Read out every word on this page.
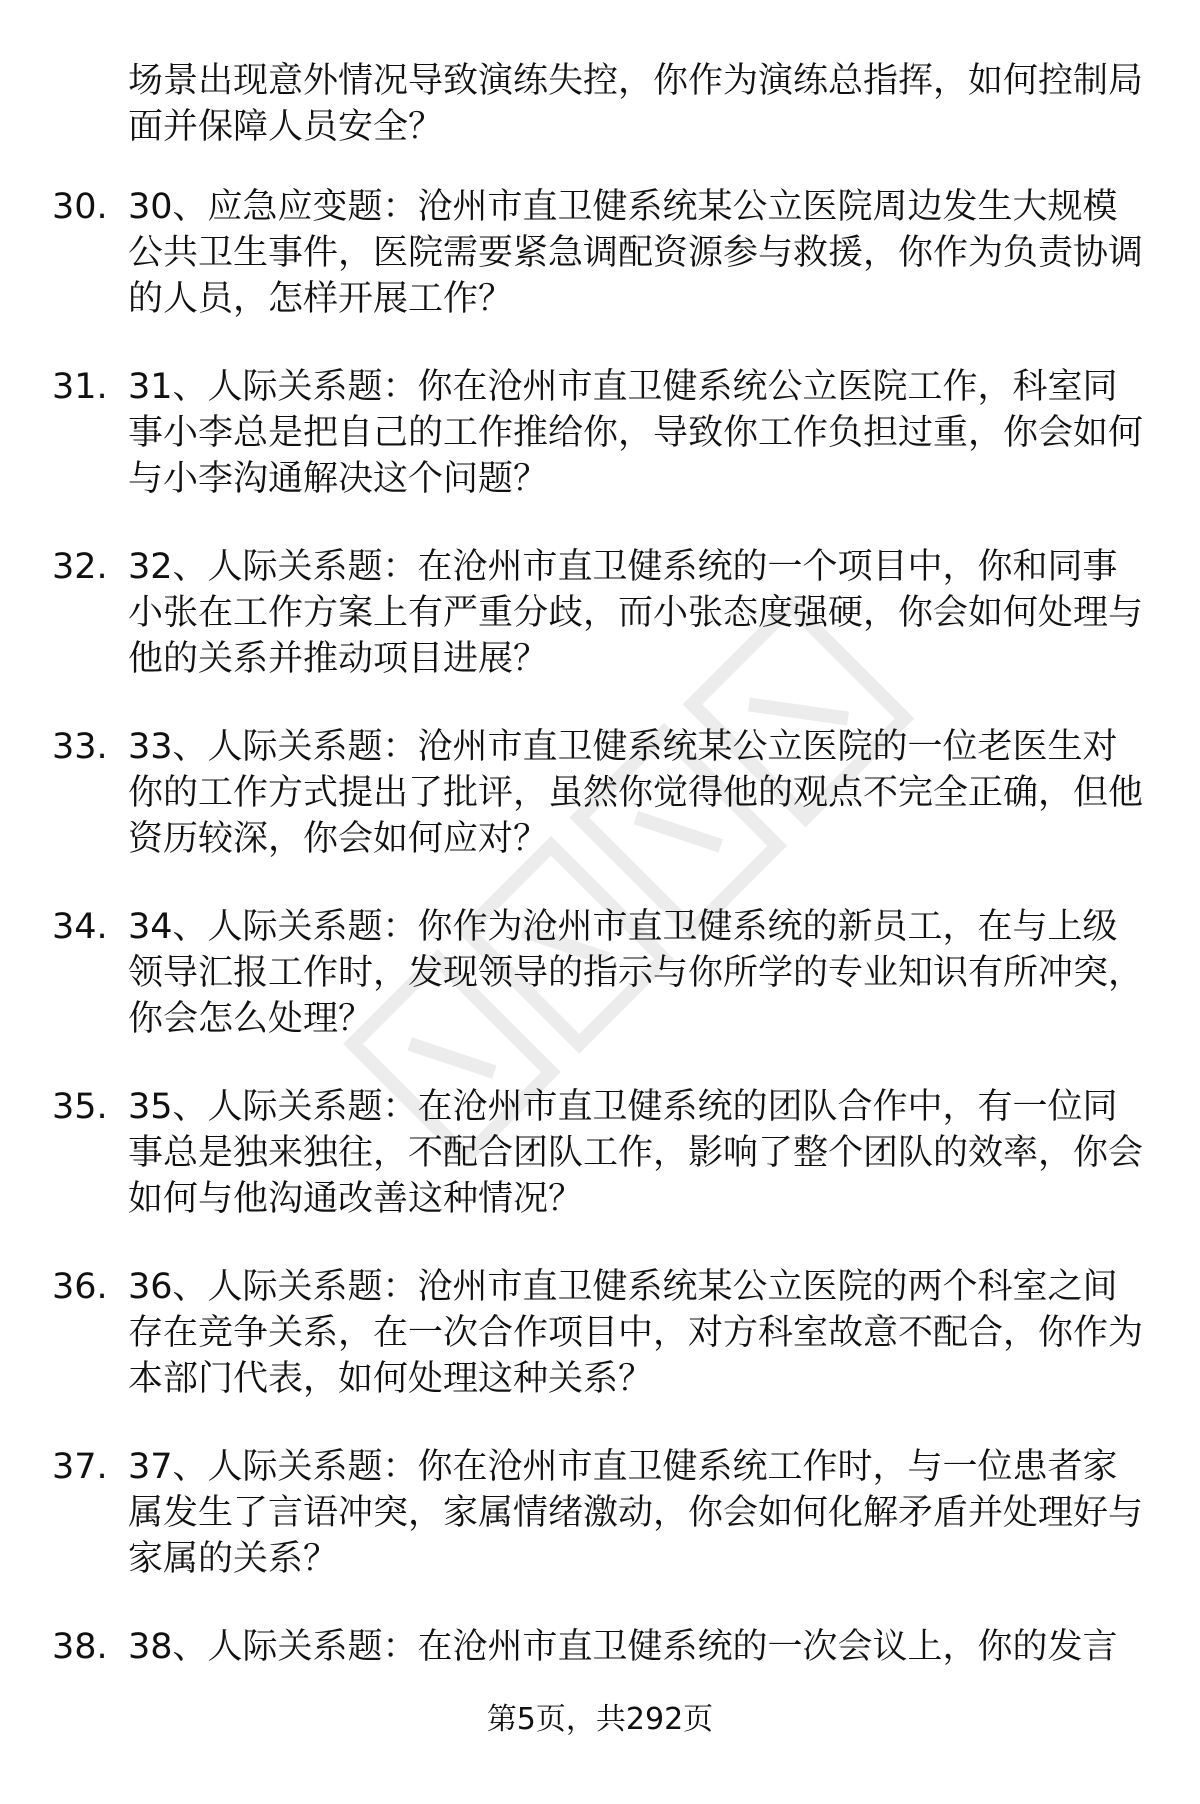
场景出现意外情况导致演练失控，你作为演练总指挥，如何控制局面并保障人员安全？

30. 30、应急应变题：沧州市直卫健系统某公立医院周边发生大规模公共卫生事件，医院需要紧急调配资源参与救援，你作为负责协调的人员，怎样开展工作？

31. 31、人际关系题：你在沧州市直卫健系统公立医院工作，科室同事小李总是把自己的工作推给你，导致你工作负担过重，你会如何与小李沟通解决这个问题？

32. 32、人际关系题：在沧州市直卫健系统的一个项目中，你和同事小张在工作方案上有严重分歧，而小张态度强硬，你会如何处理与他的关系并推动项目进展？

33. 33、人际关系题：沧州市直卫健系统某公立医院的一位老医生对你的工作方式提出了批评，虽然你觉得他的观点不完全正确，但他资历较深，你会如何应对？

34. 34、人际关系题：你作为沧州市直卫健系统的新员工，在与上级领导汇报工作时，发现领导的指示与你所学的专业知识有所冲突，你会怎么处理？

35. 35、人际关系题：在沧州市直卫健系统的团队合作中，有一位同事总是独来独往，不配合团队工作，影响了整个团队的效率，你会如何与他沟通改善这种情况？

36. 36、人际关系题：沧州市直卫健系统某公立医院的两个科室之间存在竞争关系，在一次合作项目中，对方科室故意不配合，你作为本部门代表，如何处理这种关系？

37. 37、人际关系题：你在沧州市直卫健系统工作时，与一位患者家属发生了言语冲突，家属情绪激动，你会如何化解矛盾并处理好与家属的关系？

38. 38、人际关系题：在沧州市直卫健系统的一次会议上，你的发言

第5页，共292页
